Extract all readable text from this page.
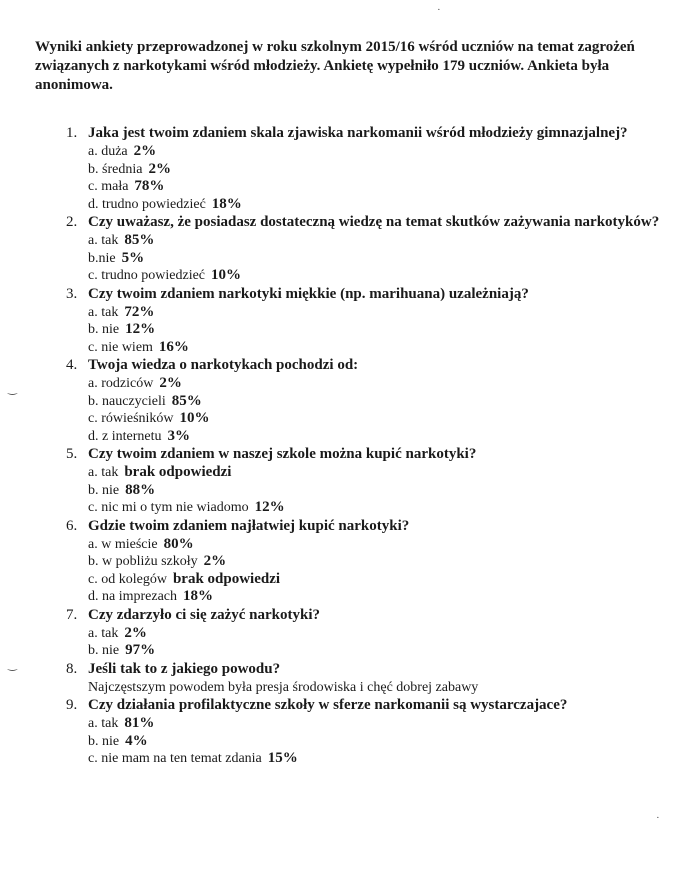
·
‿
‿
·
Wyniki ankiety przeprowadzonej w roku szkolnym 2015/16 wśród uczniów na temat zagrożeń związanych z narkotykami wśród młodzieży. Ankietę wypełniło 179 uczniów. Ankieta była anonimowa.
1. Jaka jest twoim zdaniem skala zjawiska narkomanii wśród młodzieży gimnazjalnej?
a. duża 2%
b. średnia 2%
c. mała 78%
d. trudno powiedzieć 18%
2. Czy uważasz, że posiadasz dostateczną wiedzę na temat skutków zażywania narkotyków?
a. tak 85%
b.nie 5%
c. trudno powiedzieć 10%
3. Czy twoim zdaniem narkotyki miękkie (np. marihuana) uzależniają?
a. tak 72%
b. nie 12%
c. nie wiem 16%
4. Twoja wiedza o narkotykach pochodzi od:
a. rodziców 2%
b. nauczycieli 85%
c. rówieśników 10%
d. z internetu 3%
5. Czy twoim zdaniem w naszej szkole można kupić narkotyki?
a. tak brak odpowiedzi
b. nie 88%
c. nic mi o tym nie wiadomo 12%
6. Gdzie twoim zdaniem najłatwiej kupić narkotyki?
a. w mieście 80%
b. w pobliżu szkoły 2%
c. od kolegów brak odpowiedzi
d. na imprezach 18%
7. Czy zdarzyło ci się zażyć narkotyki?
a. tak 2%
b. nie 97%
8. Jeśli tak to z jakiego powodu?
Najczęstszym powodem była presja środowiska i chęć dobrej zabawy
9. Czy działania profilaktyczne szkoły w sferze narkomanii są wystarczajace?
a. tak 81%
b. nie 4%
c. nie mam na ten temat zdania 15%
